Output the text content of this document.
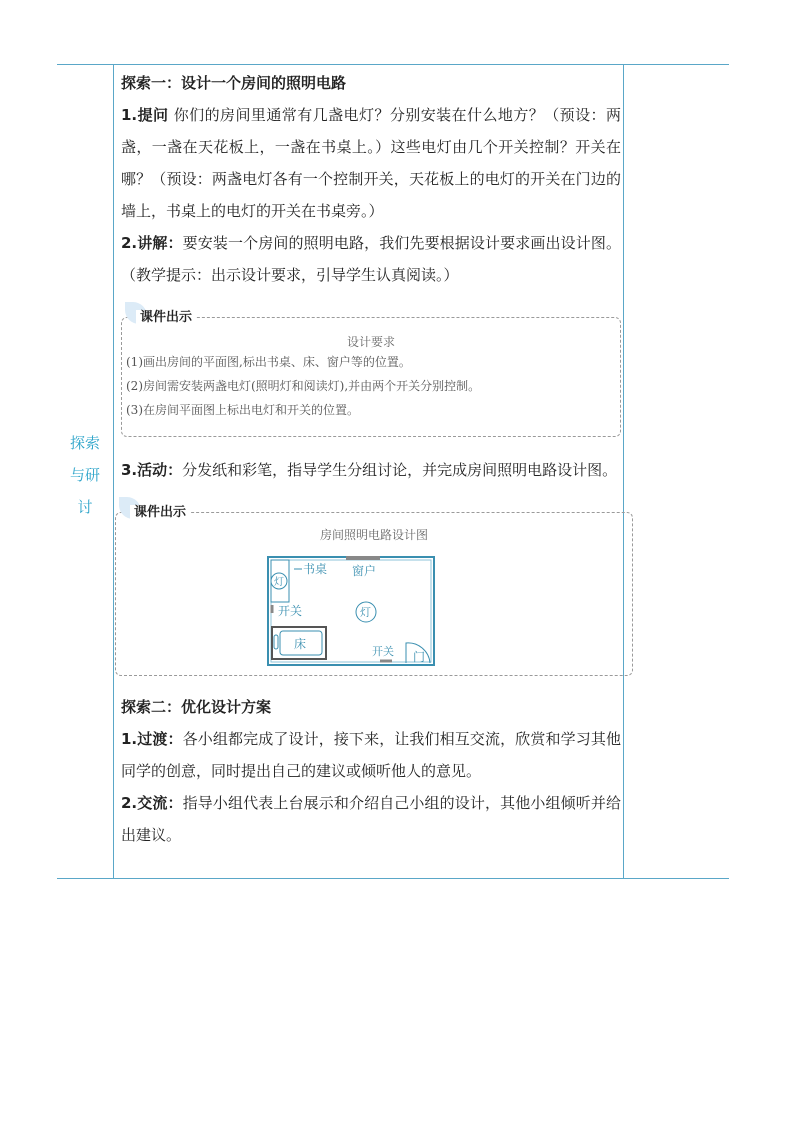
探索
与研
讨

探索一：设计一个房间的照明电路

1.提问 你们的房间里通常有几盏电灯？分别安装在什么地方？（预设：两盏，一盏在天花板上，一盏在书桌上。）这些电灯由几个开关控制？开关在哪？（预设：两盏电灯各有一个控制开关，天花板上的电灯的开关在门边的墙上，书桌上的电灯的开关在书桌旁。）

2.讲解：要安装一个房间的照明电路，我们先要根据设计要求画出设计图。（教学提示：出示设计要求，引导学生认真阅读。）

课件出示
设计要求
(1)画出房间的平面图,标出书桌、床、窗户等的位置。
(2)房间需安装两盏电灯(照明灯和阅读灯),并由两个开关分别控制。
(3)在房间平面图上标出电灯和开关的位置。

3.活动：分发纸和彩笔，指导学生分组讨论，并完成房间照明电路设计图。

课件出示
房间照明电路设计图
灯
书桌 窗户
开关	灯
床
开关 门

探索二：优化设计方案

1.过渡：各小组都完成了设计，接下来，让我们相互交流，欣赏和学习其他同学的创意，同时提出自己的建议或倾听他人的意见。

2.交流：指导小组代表上台展示和介绍自己小组的设计，其他小组倾听并给出建议。
